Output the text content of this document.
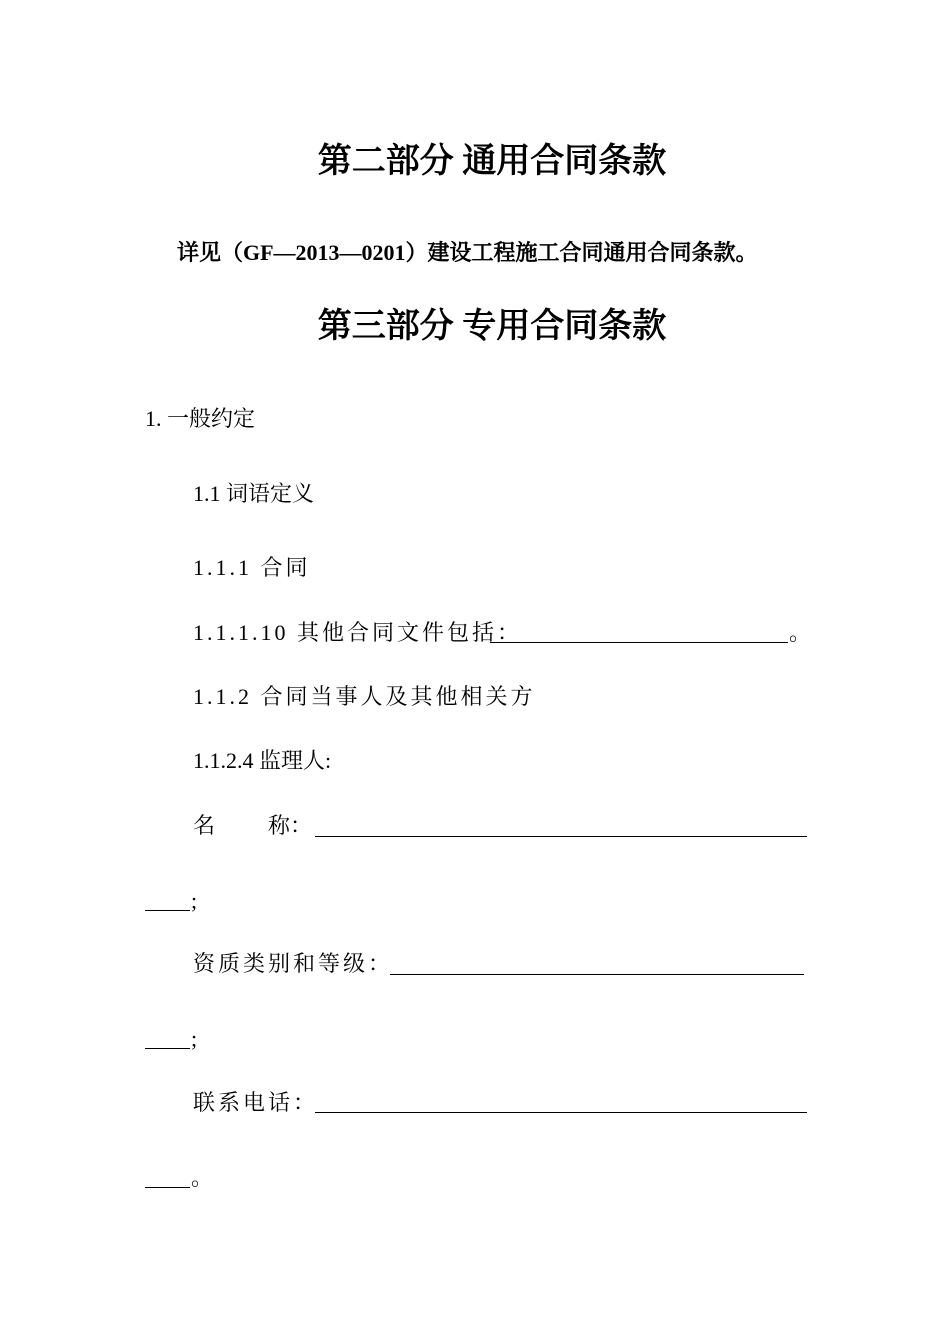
第二部分 通用合同条款
详见（GF—2013—0201）建设工程施工合同通用合同条款。
第三部分 专用合同条款
1. 一般约定
1.1 词语定义
1.1.1 合同
1.1.1.10 其他合同文件包括：	。
1.1.2 合同当事人及其他相关方
1.1.2.4 监理人:
名 称：
;
资质类别和等级：
;
联系电话：
。
